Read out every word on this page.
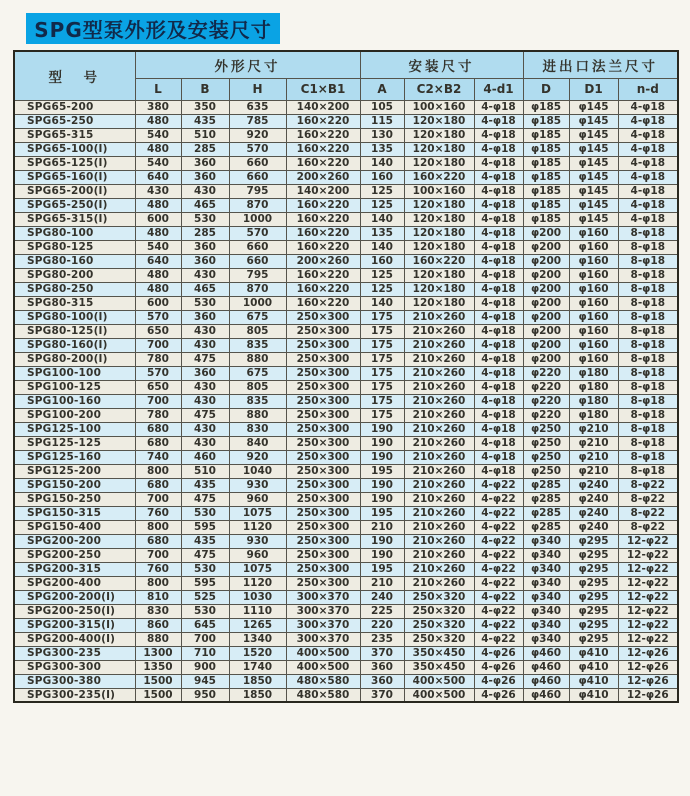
SPG型泵外形及安装尺寸
型　号	外形尺寸				安装尺寸			进出口法兰尺寸		
	L	B	H	C1×B1	A	C2×B2	4-d1	D	D1	n-d
SPG65-200	380	350	635	140×200	105	100×160	4-φ18	φ185	φ145	4-φ18
SPG65-250	480	435	785	160×220	115	120×180	4-φ18	φ185	φ145	4-φ18
SPG65-315	540	510	920	160×220	130	120×180	4-φ18	φ185	φ145	4-φ18
SPG65-100(I)	480	285	570	160×220	135	120×180	4-φ18	φ185	φ145	4-φ18
SPG65-125(I)	540	360	660	160×220	140	120×180	4-φ18	φ185	φ145	4-φ18
SPG65-160(I)	640	360	660	200×260	160	160×220	4-φ18	φ185	φ145	4-φ18
SPG65-200(I)	430	430	795	140×200	125	100×160	4-φ18	φ185	φ145	4-φ18
SPG65-250(I)	480	465	870	160×220	125	120×180	4-φ18	φ185	φ145	4-φ18
SPG65-315(I)	600	530	1000	160×220	140	120×180	4-φ18	φ185	φ145	4-φ18
SPG80-100	480	285	570	160×220	135	120×180	4-φ18	φ200	φ160	8-φ18
SPG80-125	540	360	660	160×220	140	120×180	4-φ18	φ200	φ160	8-φ18
SPG80-160	640	360	660	200×260	160	160×220	4-φ18	φ200	φ160	8-φ18
SPG80-200	480	430	795	160×220	125	120×180	4-φ18	φ200	φ160	8-φ18
SPG80-250	480	465	870	160×220	125	120×180	4-φ18	φ200	φ160	8-φ18
SPG80-315	600	530	1000	160×220	140	120×180	4-φ18	φ200	φ160	8-φ18
SPG80-100(I)	570	360	675	250×300	175	210×260	4-φ18	φ200	φ160	8-φ18
SPG80-125(I)	650	430	805	250×300	175	210×260	4-φ18	φ200	φ160	8-φ18
SPG80-160(I)	700	430	835	250×300	175	210×260	4-φ18	φ200	φ160	8-φ18
SPG80-200(I)	780	475	880	250×300	175	210×260	4-φ18	φ200	φ160	8-φ18
SPG100-100	570	360	675	250×300	175	210×260	4-φ18	φ220	φ180	8-φ18
SPG100-125	650	430	805	250×300	175	210×260	4-φ18	φ220	φ180	8-φ18
SPG100-160	700	430	835	250×300	175	210×260	4-φ18	φ220	φ180	8-φ18
SPG100-200	780	475	880	250×300	175	210×260	4-φ18	φ220	φ180	8-φ18
SPG125-100	680	430	830	250×300	190	210×260	4-φ18	φ250	φ210	8-φ18
SPG125-125	680	430	840	250×300	190	210×260	4-φ18	φ250	φ210	8-φ18
SPG125-160	740	460	920	250×300	190	210×260	4-φ18	φ250	φ210	8-φ18
SPG125-200	800	510	1040	250×300	195	210×260	4-φ18	φ250	φ210	8-φ18
SPG150-200	680	435	930	250×300	190	210×260	4-φ22	φ285	φ240	8-φ22
SPG150-250	700	475	960	250×300	190	210×260	4-φ22	φ285	φ240	8-φ22
SPG150-315	760	530	1075	250×300	195	210×260	4-φ22	φ285	φ240	8-φ22
SPG150-400	800	595	1120	250×300	210	210×260	4-φ22	φ285	φ240	8-φ22
SPG200-200	680	435	930	250×300	190	210×260	4-φ22	φ340	φ295	12-φ22
SPG200-250	700	475	960	250×300	190	210×260	4-φ22	φ340	φ295	12-φ22
SPG200-315	760	530	1075	250×300	195	210×260	4-φ22	φ340	φ295	12-φ22
SPG200-400	800	595	1120	250×300	210	210×260	4-φ22	φ340	φ295	12-φ22
SPG200-200(I)	810	525	1030	300×370	240	250×320	4-φ22	φ340	φ295	12-φ22
SPG200-250(I)	830	530	1110	300×370	225	250×320	4-φ22	φ340	φ295	12-φ22
SPG200-315(I)	860	645	1265	300×370	220	250×320	4-φ22	φ340	φ295	12-φ22
SPG200-400(I)	880	700	1340	300×370	235	250×320	4-φ22	φ340	φ295	12-φ22
SPG300-235	1300	710	1520	400×500	370	350×450	4-φ26	φ460	φ410	12-φ26
SPG300-300	1350	900	1740	400×500	360	350×450	4-φ26	φ460	φ410	12-φ26
SPG300-380	1500	945	1850	480×580	360	400×500	4-φ26	φ460	φ410	12-φ26
SPG300-235(I)	1500	950	1850	480×580	370	400×500	4-φ26	φ460	φ410	12-φ26
